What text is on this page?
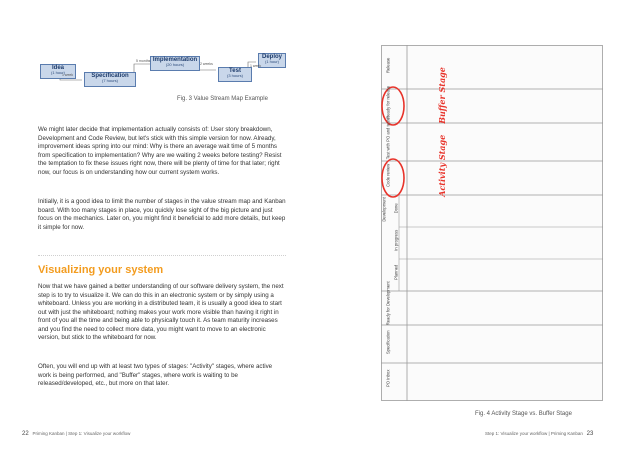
Idea
(1 hour)
Specification
(7 hours)
Implementation
(20 hours)
Test
(3 hours)
Deploy
(1 hour)
1 week
5 months
2 weeks	1 week
Fig. 3 Value Stream Map Example

We might later decide that implementation actually consists of: User story breakdown, Development and Code Review, but let's stick with this simple version for now. Already, improvement ideas spring into our mind: Why is there an average wait time of 5 months from specification to implementation? Why are we waiting 2 weeks before testing? Resist the temptation to fix these issues right now, there will be plenty of time for that later; right now, our focus is on understanding how our current system works.

Initially, it is a good idea to limit the number of stages in the value stream map and Kanban board. With too many stages in place, you quickly lose sight of the big picture and just focus on the mechanics. Later on, you might find it beneficial to add more details, but keep it simple for now.

Visualizing your system

Now that we have gained a better understanding of our software delivery system, the next step is to try to visualize it. We can do this in an electronic system or by simply using a whiteboard. Unless you are working in a distributed team, it is usually a good idea to start out with just the whiteboard; nothing makes your work more visible than having it right in front of you all the time and being able to physically touch it. As team maturity increases and you find the need to collect more data, you might want to move to an electronic version, but stick to the whiteboard for now.

Often, you will end up with at least two types of stages: "Activity" stages, where active work is being performed, and "Buffer" stages, where work is waiting to be released/developed, etc., but more on that later.

22 Priming Kanban | Step 1: Visualize your workflow
PO Inbox
Specification
Ready for Development
Development
Code review
Test with PO and tester
Ready for release
Release
Planned
In progress
Done
Buffer Stage
Activity Stage
Fig. 4 Activity Stage vs. Buffer Stage
Step 1: Visualize your workflow | Priming Kanban 23
